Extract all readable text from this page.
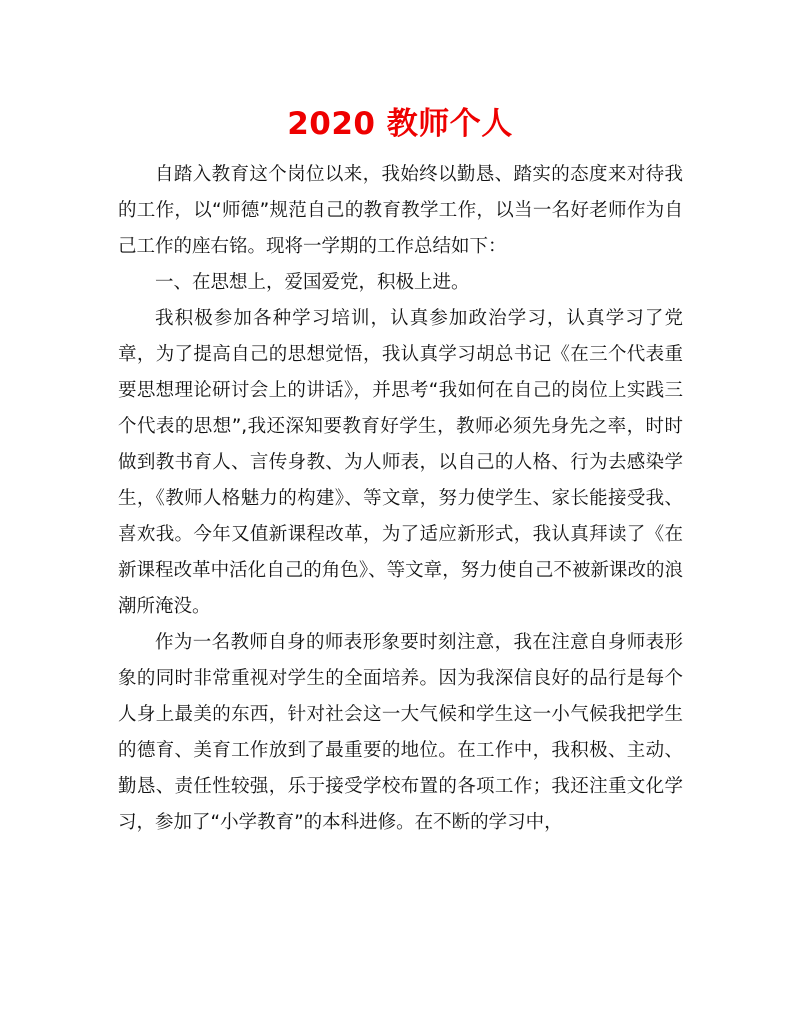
2020 教师个人

自踏入教育这个岗位以来，我始终以勤恳、踏实的态度来对待我的工作，以“师德”规范自己的教育教学工作，以当一名好老师作为自己工作的座右铭。现将一学期的工作总结如下：

一、在思想上，爱国爱党，积极上进。

我积极参加各种学习培训，认真参加政治学习，认真学习了党章，为了提高自己的思想觉悟，我认真学习胡总书记《在三个代表重要思想理论研讨会上的讲话》，并思考“我如何在自己的岗位上实践三个代表的思想”,我还深知要教育好学生，教师必须先身先之率，时时做到教书育人、言传身教、为人师表，以自己的人格、行为去感染学生，《教师人格魅力的构建》、等文章，努力使学生、家长能接受我、喜欢我。今年又值新课程改革，为了适应新形式，我认真拜读了《在新课程改革中活化自己的角色》、等文章，努力使自己不被新课改的浪潮所淹没。

作为一名教师自身的师表形象要时刻注意，我在注意自身师表形象的同时非常重视对学生的全面培养。因为我深信良好的品行是每个人身上最美的东西，针对社会这一大气候和学生这一小气候我把学生的德育、美育工作放到了最重要的地位。在工作中，我积极、主动、勤恳、责任性较强，乐于接受学校布置的各项工作；我还注重文化学习，参加了“小学教育”的本科进修。在不断的学习中，
